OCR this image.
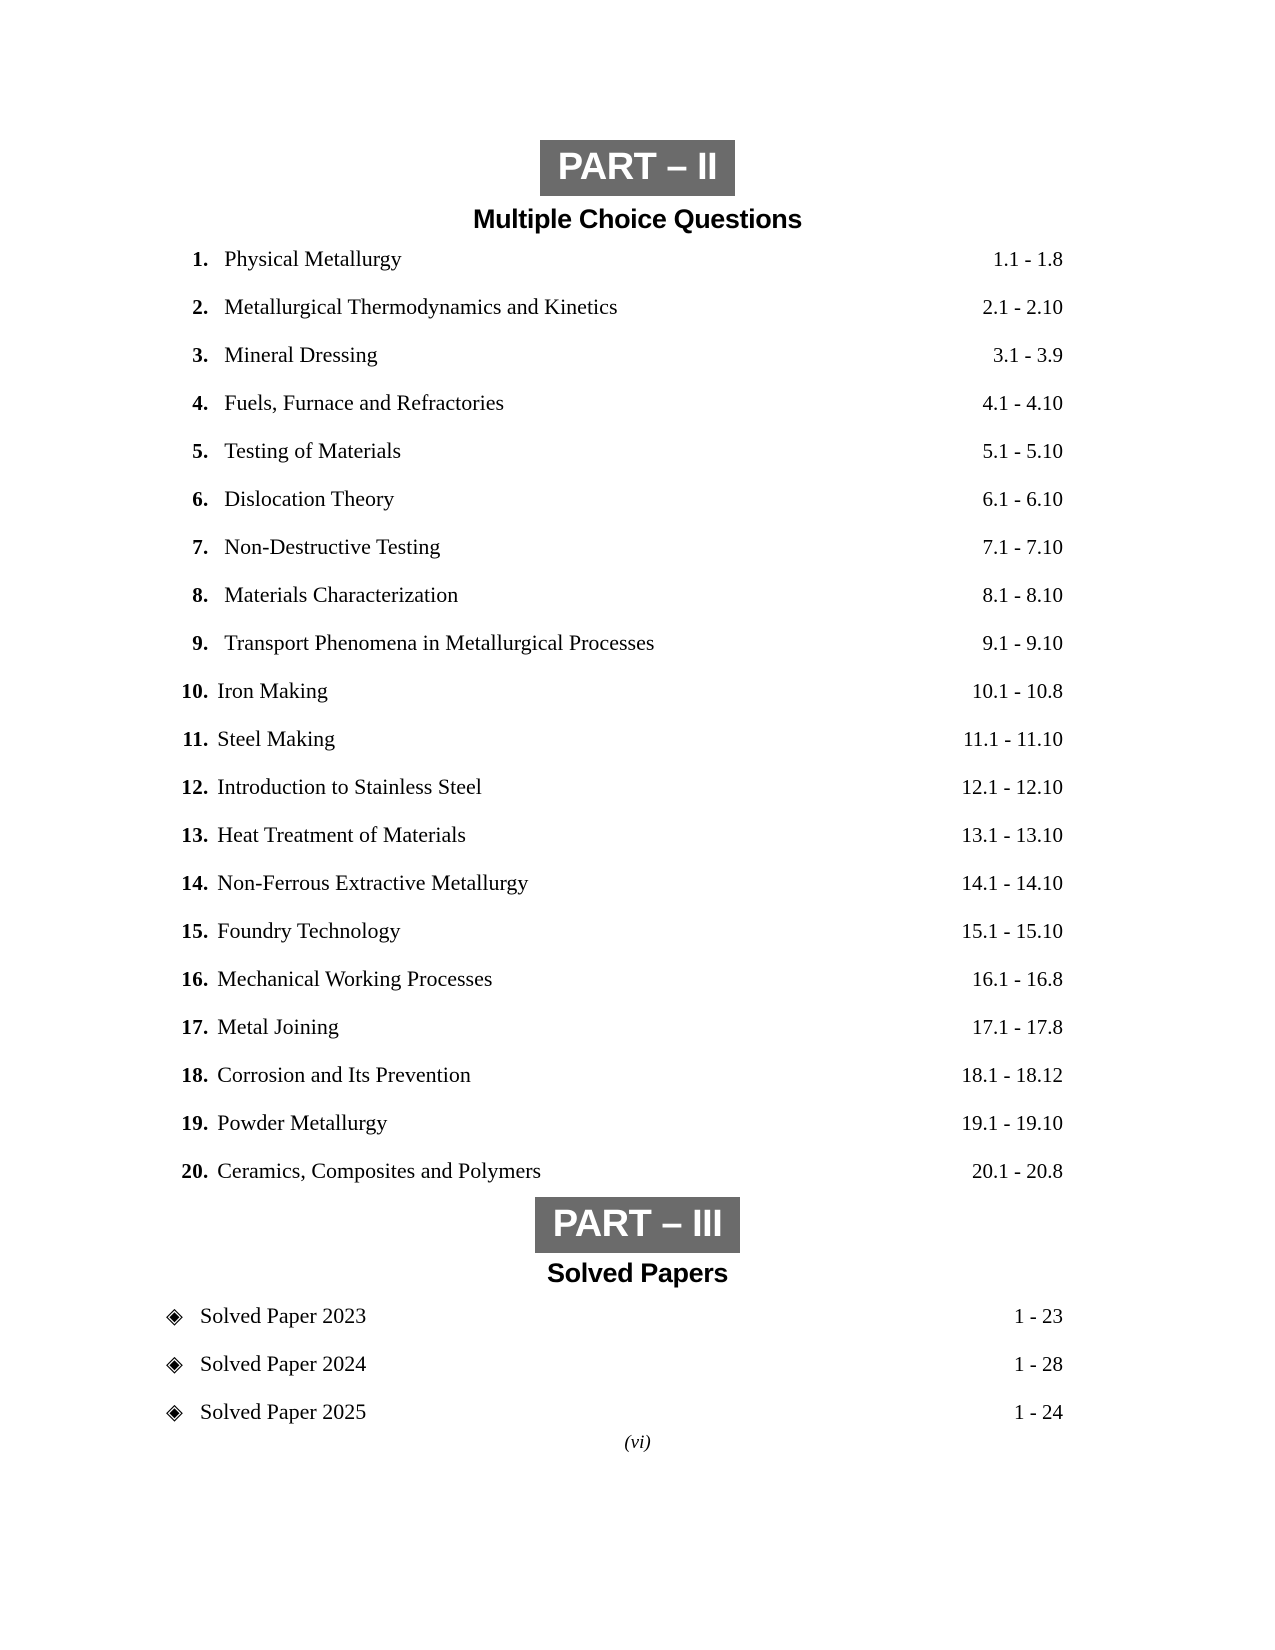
PART – II
Multiple Choice Questions
1 . Physical Metallurgy	1.1 - 1.8
2 . Metallurgical Thermodynamics and Kinetics	2.1 - 2.10
3 . Mineral Dressing	3.1 - 3.9
4 . Fuels, Furnace and Refractories	4.1 - 4.10
5 . Testing of Materials	5.1 - 5.10
6 . Dislocation Theory	6.1 - 6.10
7 . Non-Destructive Testing	7.1 - 7.10
8 . Materials Characterization	8.1 - 8.10
9 . Transport Phenomena in Metallurgical Processes	9.1 - 9.10
10 . Iron Making	10.1 - 10.8
11 . Steel Making	11.1 - 11.10
12 . Introduction to Stainless Steel	12.1 - 12.10
13 . Heat Treatment of Materials	13.1 - 13.10
14 . Non-Ferrous Extractive Metallurgy	14.1 - 14.10
15 . Foundry Technology	15.1 - 15.10
16 . Mechanical Working Processes	16.1 - 16.8
17 . Metal Joining	17.1 - 17.8
18 . Corrosion and Its Prevention	18.1 - 18.12
19 . Powder Metallurgy	19.1 - 19.10
20 . Ceramics, Composites and Polymers	20.1 - 20.8
PART – III
Solved Papers
◈ Solved Paper 2023	1 - 23
◈ Solved Paper 2024	1 - 28
◈ Solved Paper 2025	1 - 24
(vi)
